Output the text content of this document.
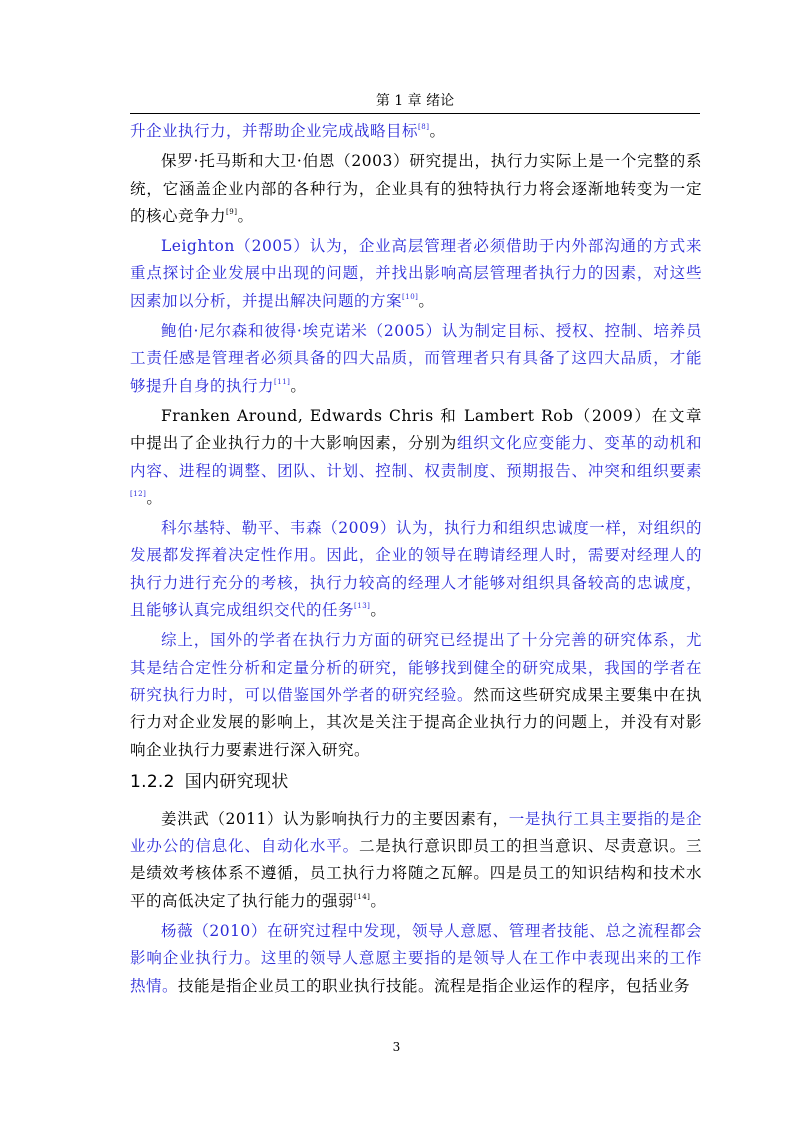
第 1 章 绪论

升企业执行力，并帮助企业完成战略目标[8]。

保罗·托马斯和大卫·伯恩（2003）研究提出，执行力实际上是一个完整的系统，它涵盖企业内部的各种行为，企业具有的独特执行力将会逐渐地转变为一定的核心竞争力[9]。

Leighton（2005）认为，企业高层管理者必须借助于内外部沟通的方式来重点探讨企业发展中出现的问题，并找出影响高层管理者执行力的因素，对这些因素加以分析，并提出解决问题的方案[10]。

鲍伯·尼尔森和彼得·埃克诺米（2005）认为制定目标、授权、控制、培养员工责任感是管理者必须具备的四大品质，而管理者只有具备了这四大品质，才能够提升自身的执行力[11]。

Franken Around, Edwards Chris 和 Lambert Rob（2009）在文章中提出了企业执行力的十大影响因素，分别为组织文化应变能力、变革的动机和内容、进程的调整、团队、计划、控制、权责制度、预期报告、冲突和组织要素[12]。

科尔基特、勒平、韦森（2009）认为，执行力和组织忠诚度一样，对组织的发展都发挥着决定性作用。因此，企业的领导在聘请经理人时，需要对经理人的执行力进行充分的考核，执行力较高的经理人才能够对组织具备较高的忠诚度，且能够认真完成组织交代的任务[13]。

综上，国外的学者在执行力方面的研究已经提出了十分完善的研究体系，尤其是结合定性分析和定量分析的研究，能够找到健全的研究成果，我国的学者在研究执行力时，可以借鉴国外学者的研究经验。然而这些研究成果主要集中在执行力对企业发展的影响上，其次是关注于提高企业执行力的问题上，并没有对影响企业执行力要素进行深入研究。

1.2.2 国内研究现状

姜洪武（2011）认为影响执行力的主要因素有，一是执行工具主要指的是企业办公的信息化、自动化水平。二是执行意识即员工的担当意识、尽责意识。三是绩效考核体系不遵循，员工执行力将随之瓦解。四是员工的知识结构和技术水平的高低决定了执行能力的强弱[14]。

杨薇（2010）在研究过程中发现，领导人意愿、管理者技能、总之流程都会影响企业执行力。这里的领导人意愿主要指的是领导人在工作中表现出来的工作热情。技能是指企业员工的职业执行技能。流程是指企业运作的程序，包括业务

3
